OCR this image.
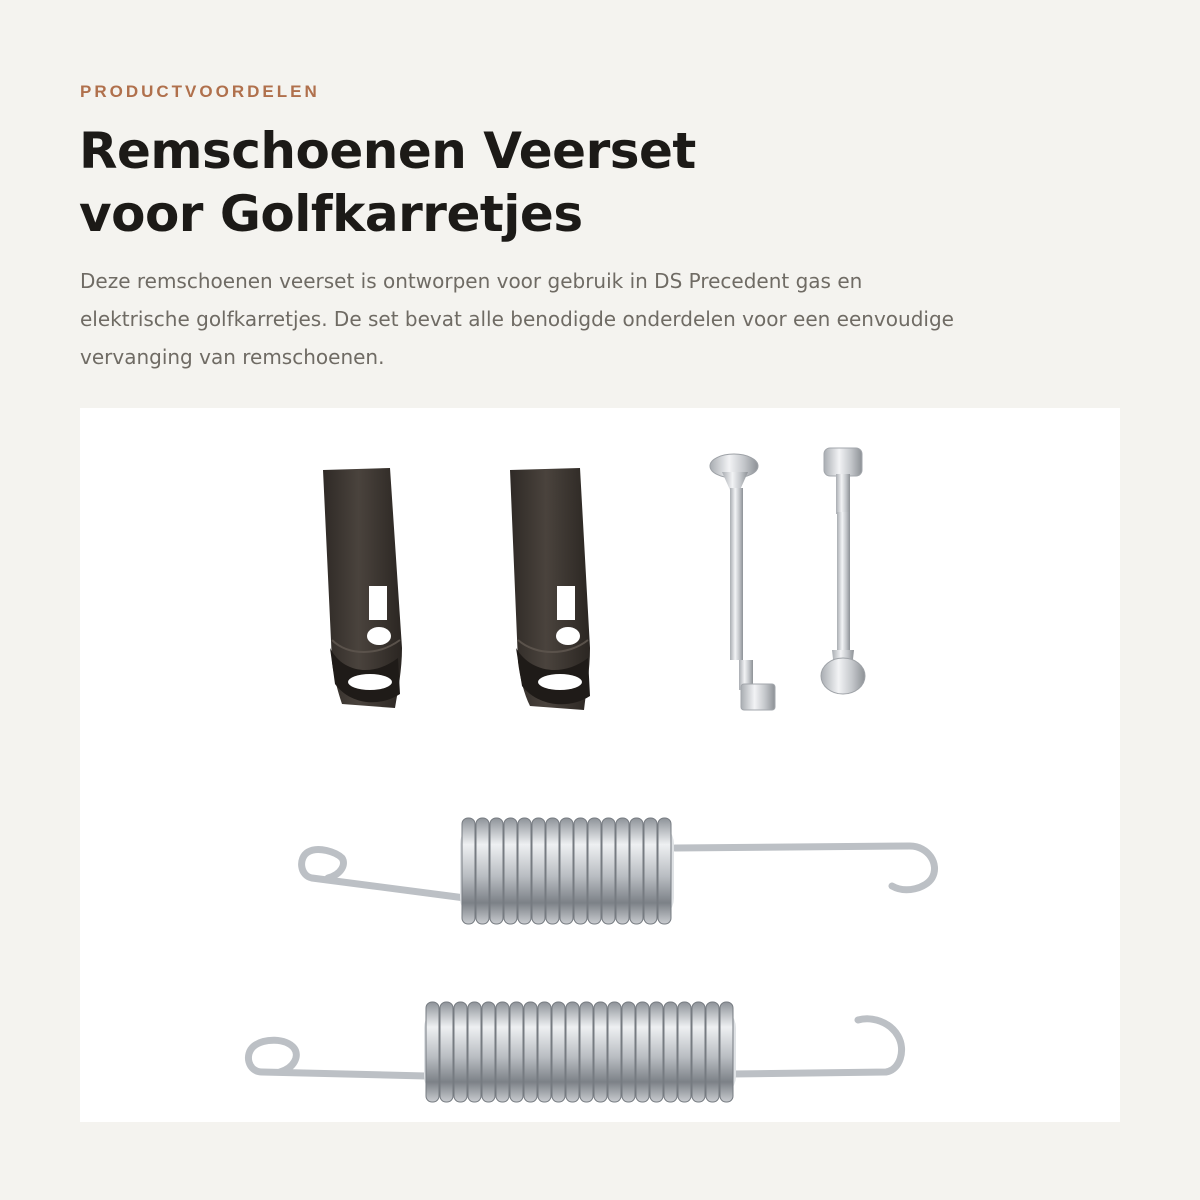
PRODUCTVOORDELEN
Remschoenen Veerset
voor Golfkarretjes

Deze remschoenen veerset is ontworpen voor gebruik in DS Precedent gas en
elektrische golfkarretjes. De set bevat alle benodigde onderdelen voor een eenvoudige
vervanging van remschoenen.
